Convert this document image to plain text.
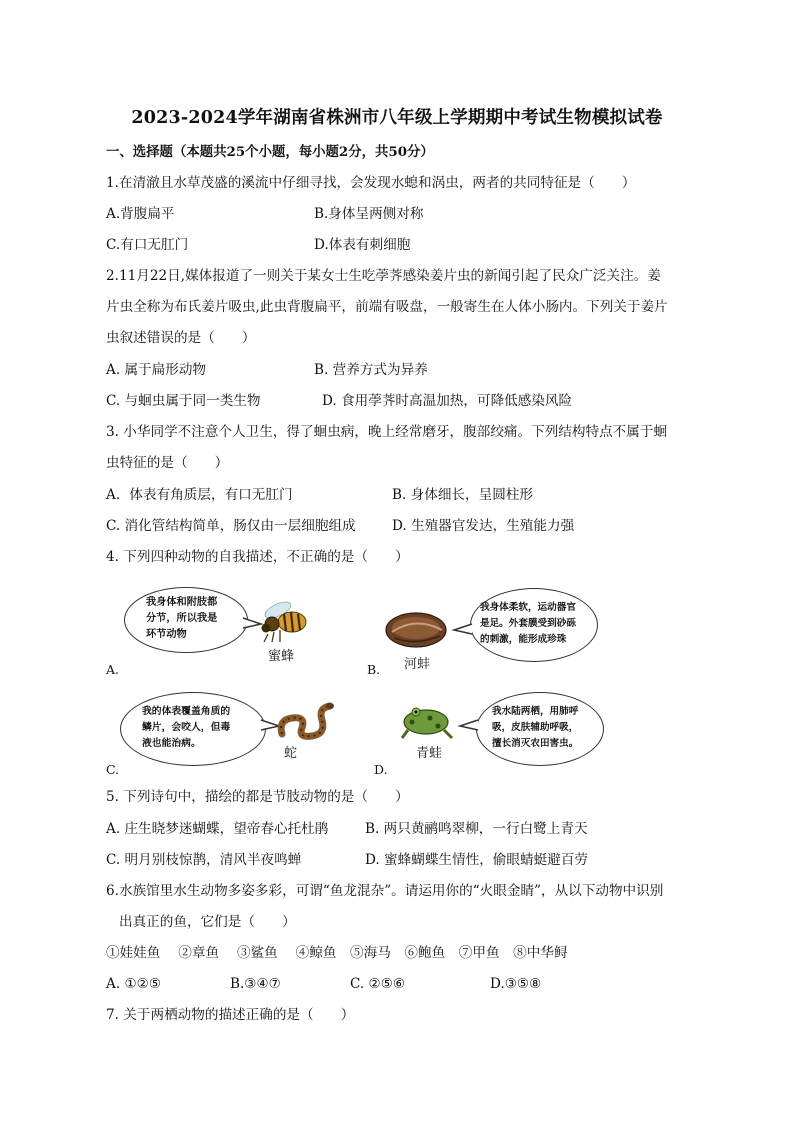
2023-2024学年湖南省株洲市八年级上学期期中考试生物模拟试卷
一、选择题（本题共25个小题，每小题2分，共50分）
1.在清澈且水草茂盛的溪流中仔细寻找，会发现水螅和涡虫，两者的共同特征是（　　）
A.背腹扁平	B.身体呈两侧对称
C.有口无肛门	D.体表有刺细胞
2.11月22日,媒体报道了一则关于某女士生吃荸荠感染姜片虫的新闻引起了民众广泛关注。姜
片虫全称为布氏姜片吸虫,此虫背腹扁平，前端有吸盘，一般寄生在人体小肠内。下列关于姜片
虫叙述错误的是（　　）
A. 属于扁形动物	B. 营养方式为异养
C. 与蛔虫属于同一类生物	D. 食用荸荠时高温加热，可降低感染风险
3. 小华同学不注意个人卫生，得了蛔虫病，晚上经常磨牙，腹部绞痛。下列结构特点不属于蛔
虫特征的是（　　）
A．体表有角质层，有口无肛门	B. 身体细长，呈圆柱形
C. 消化管结构简单，肠仅由一层细胞组成	D. 生殖器官发达，生殖能力强
4. 下列四种动物的自我描述，不正确的是（　　）
我身体和附肢都
分节，所以我是
环节动物
蜜蜂
A.	河蚌
我身体柔软，运动器官
是足。外套膜受到砂砾
的刺激，能形成珍珠
B.
我的体表覆盖角质的
鳞片，会咬人，但毒
液也能治病。
蛇
C.
青蛙
我水陆两栖，用肺呼
吸，皮肤辅助呼吸，
擅长消灭农田害虫。
D.
5. 下列诗句中，描绘的都是节肢动物的是（　　）
A. 庄生晓梦迷蝴蝶，望帝春心托杜鹃	B. 两只黄鹂鸣翠柳，一行白鹭上青天
C. 明月别枝惊鹊，清风半夜鸣蝉	D. 蜜蜂蝴蝶生情性，偷眼蜻蜓避百劳
6.水族馆里水生动物多姿多彩，可谓“鱼龙混杂”。请运用你的“火眼金睛”，从以下动物中识别
出真正的鱼，它们是（　　）
①娃娃鱼　 ②章鱼　 ③鲨鱼　 ④鲸鱼　⑤海马　⑥鲍鱼　⑦甲鱼　⑧中华鲟
A. ①②⑤	B.③④⑦	C. ②⑤⑥	D.③⑤⑧
7. 关于两栖动物的描述正确的是（　　）
